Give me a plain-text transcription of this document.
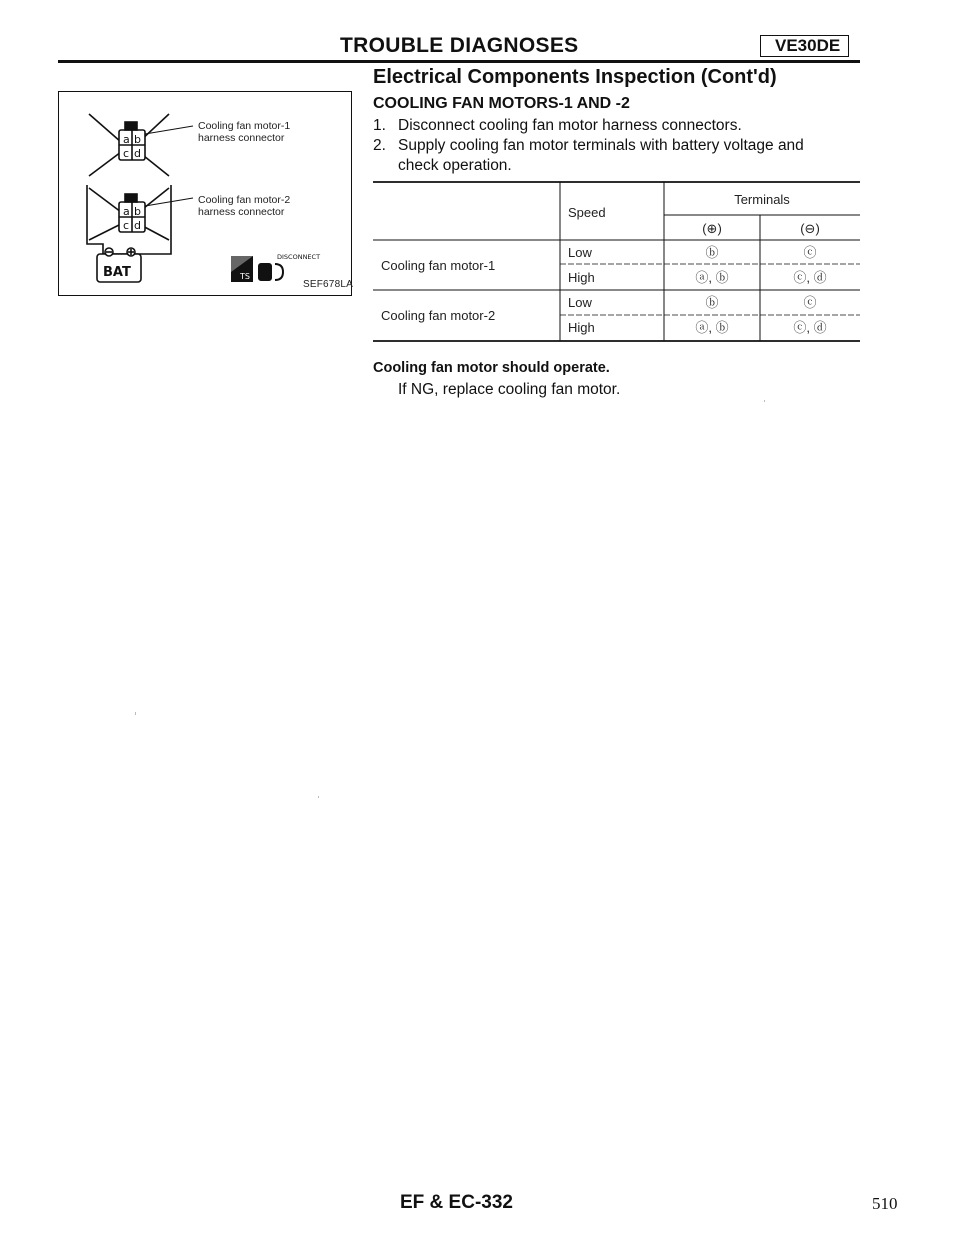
TROUBLE DIAGNOSES	VE30DE
Electrical Components Inspection (Cont'd)
COOLING FAN MOTORS-1 AND -2
1. Disconnect cooling fan motor harness connectors.
2. Supply cooling fan motor terminals with battery voltage and
check operation.
a b
c d
a b
c d
BAT	TS
DISCONNECT
Cooling fan motor-1
harness connector
Cooling fan motor-2
harness connector
SEF678LA
Speed
Terminals
(⊕)	(⊖)
Cooling fan motor-1
Low	ⓑ	ⓒ
High	ⓐ, ⓑ	ⓒ, ⓓ
Cooling fan motor-2
Low	ⓑ	ⓒ
High	ⓐ, ⓑ	ⓒ, ⓓ
Cooling fan motor should operate.
If NG, replace cooling fan motor.
EF & EC-332	510
